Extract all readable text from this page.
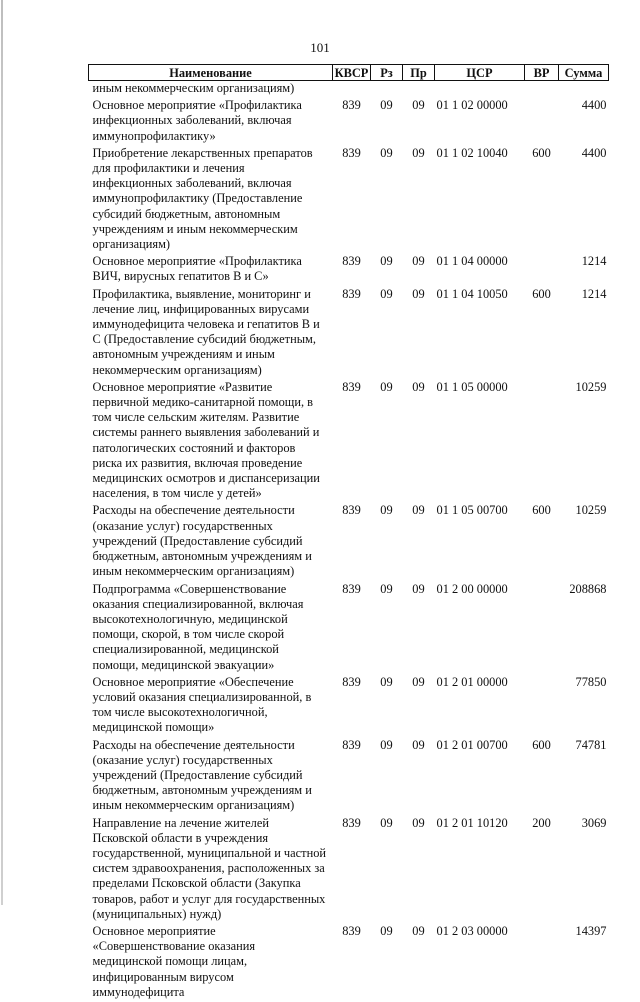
101
Наименование	КВСР	Рз	Пр	ЦСР	ВР	Сумма
иным некоммерческим организациям)						
Основное мероприятие «Профилактика инфекционных заболеваний, включая иммунопрофилактику»	839	09	09	01 1 02 00000		4400
Приобретение лекарственных препаратов для профилактики и лечения инфекционных заболеваний, включая иммунопрофилактику (Предоставление субсидий бюджетным, автономным учреждениям и иным некоммерческим организациям)	839	09	09	01 1 02 10040	600	4400
Основное мероприятие «Профилактика ВИЧ, вирусных гепатитов В и С»	839	09	09	01 1 04 00000		1214
Профилактика, выявление, мониторинг и лечение лиц, инфицированных вирусами иммунодефицита человека и гепатитов В и С (Предоставление субсидий бюджетным, автономным учреждениям и иным некоммерческим организациям)	839	09	09	01 1 04 10050	600	1214
Основное мероприятие «Развитие первичной медико-санитарной помощи, в том числе сельским жителям. Развитие системы раннего выявления заболеваний и патологических состояний и факторов риска их развития, включая проведение медицинских осмотров и диспансеризации населения, в том числе у детей»	839	09	09	01 1 05 00000		10259
Расходы на обеспечение деятельности (оказание услуг) государственных учреждений (Предоставление субсидий бюджетным, автономным учреждениям и иным некоммерческим организациям)	839	09	09	01 1 05 00700	600	10259
Подпрограмма «Совершенствование оказания специализированной, включая высокотехнологичную, медицинской помощи, скорой, в том числе скорой специализированной, медицинской помощи, медицинской эвакуации»	839	09	09	01 2 00 00000		208868
Основное мероприятие «Обеспечение условий оказания специализированной, в том числе высокотехнологичной, медицинской помощи»	839	09	09	01 2 01 00000		77850
Расходы на обеспечение деятельности (оказание услуг) государственных учреждений (Предоставление субсидий бюджетным, автономным учреждениям и иным некоммерческим организациям)	839	09	09	01 2 01 00700	600	74781
Направление на лечение жителей Псковской области в учреждения государственной, муниципальной и частной систем здравоохранения, расположенных за пределами Псковской области (Закупка товаров, работ и услуг для государственных (муниципальных) нужд)	839	09	09	01 2 01 10120	200	3069
Основное мероприятие «Совершенствование оказания медицинской помощи лицам, инфицированным вирусом иммунодефицита	839	09	09	01 2 03 00000		14397
